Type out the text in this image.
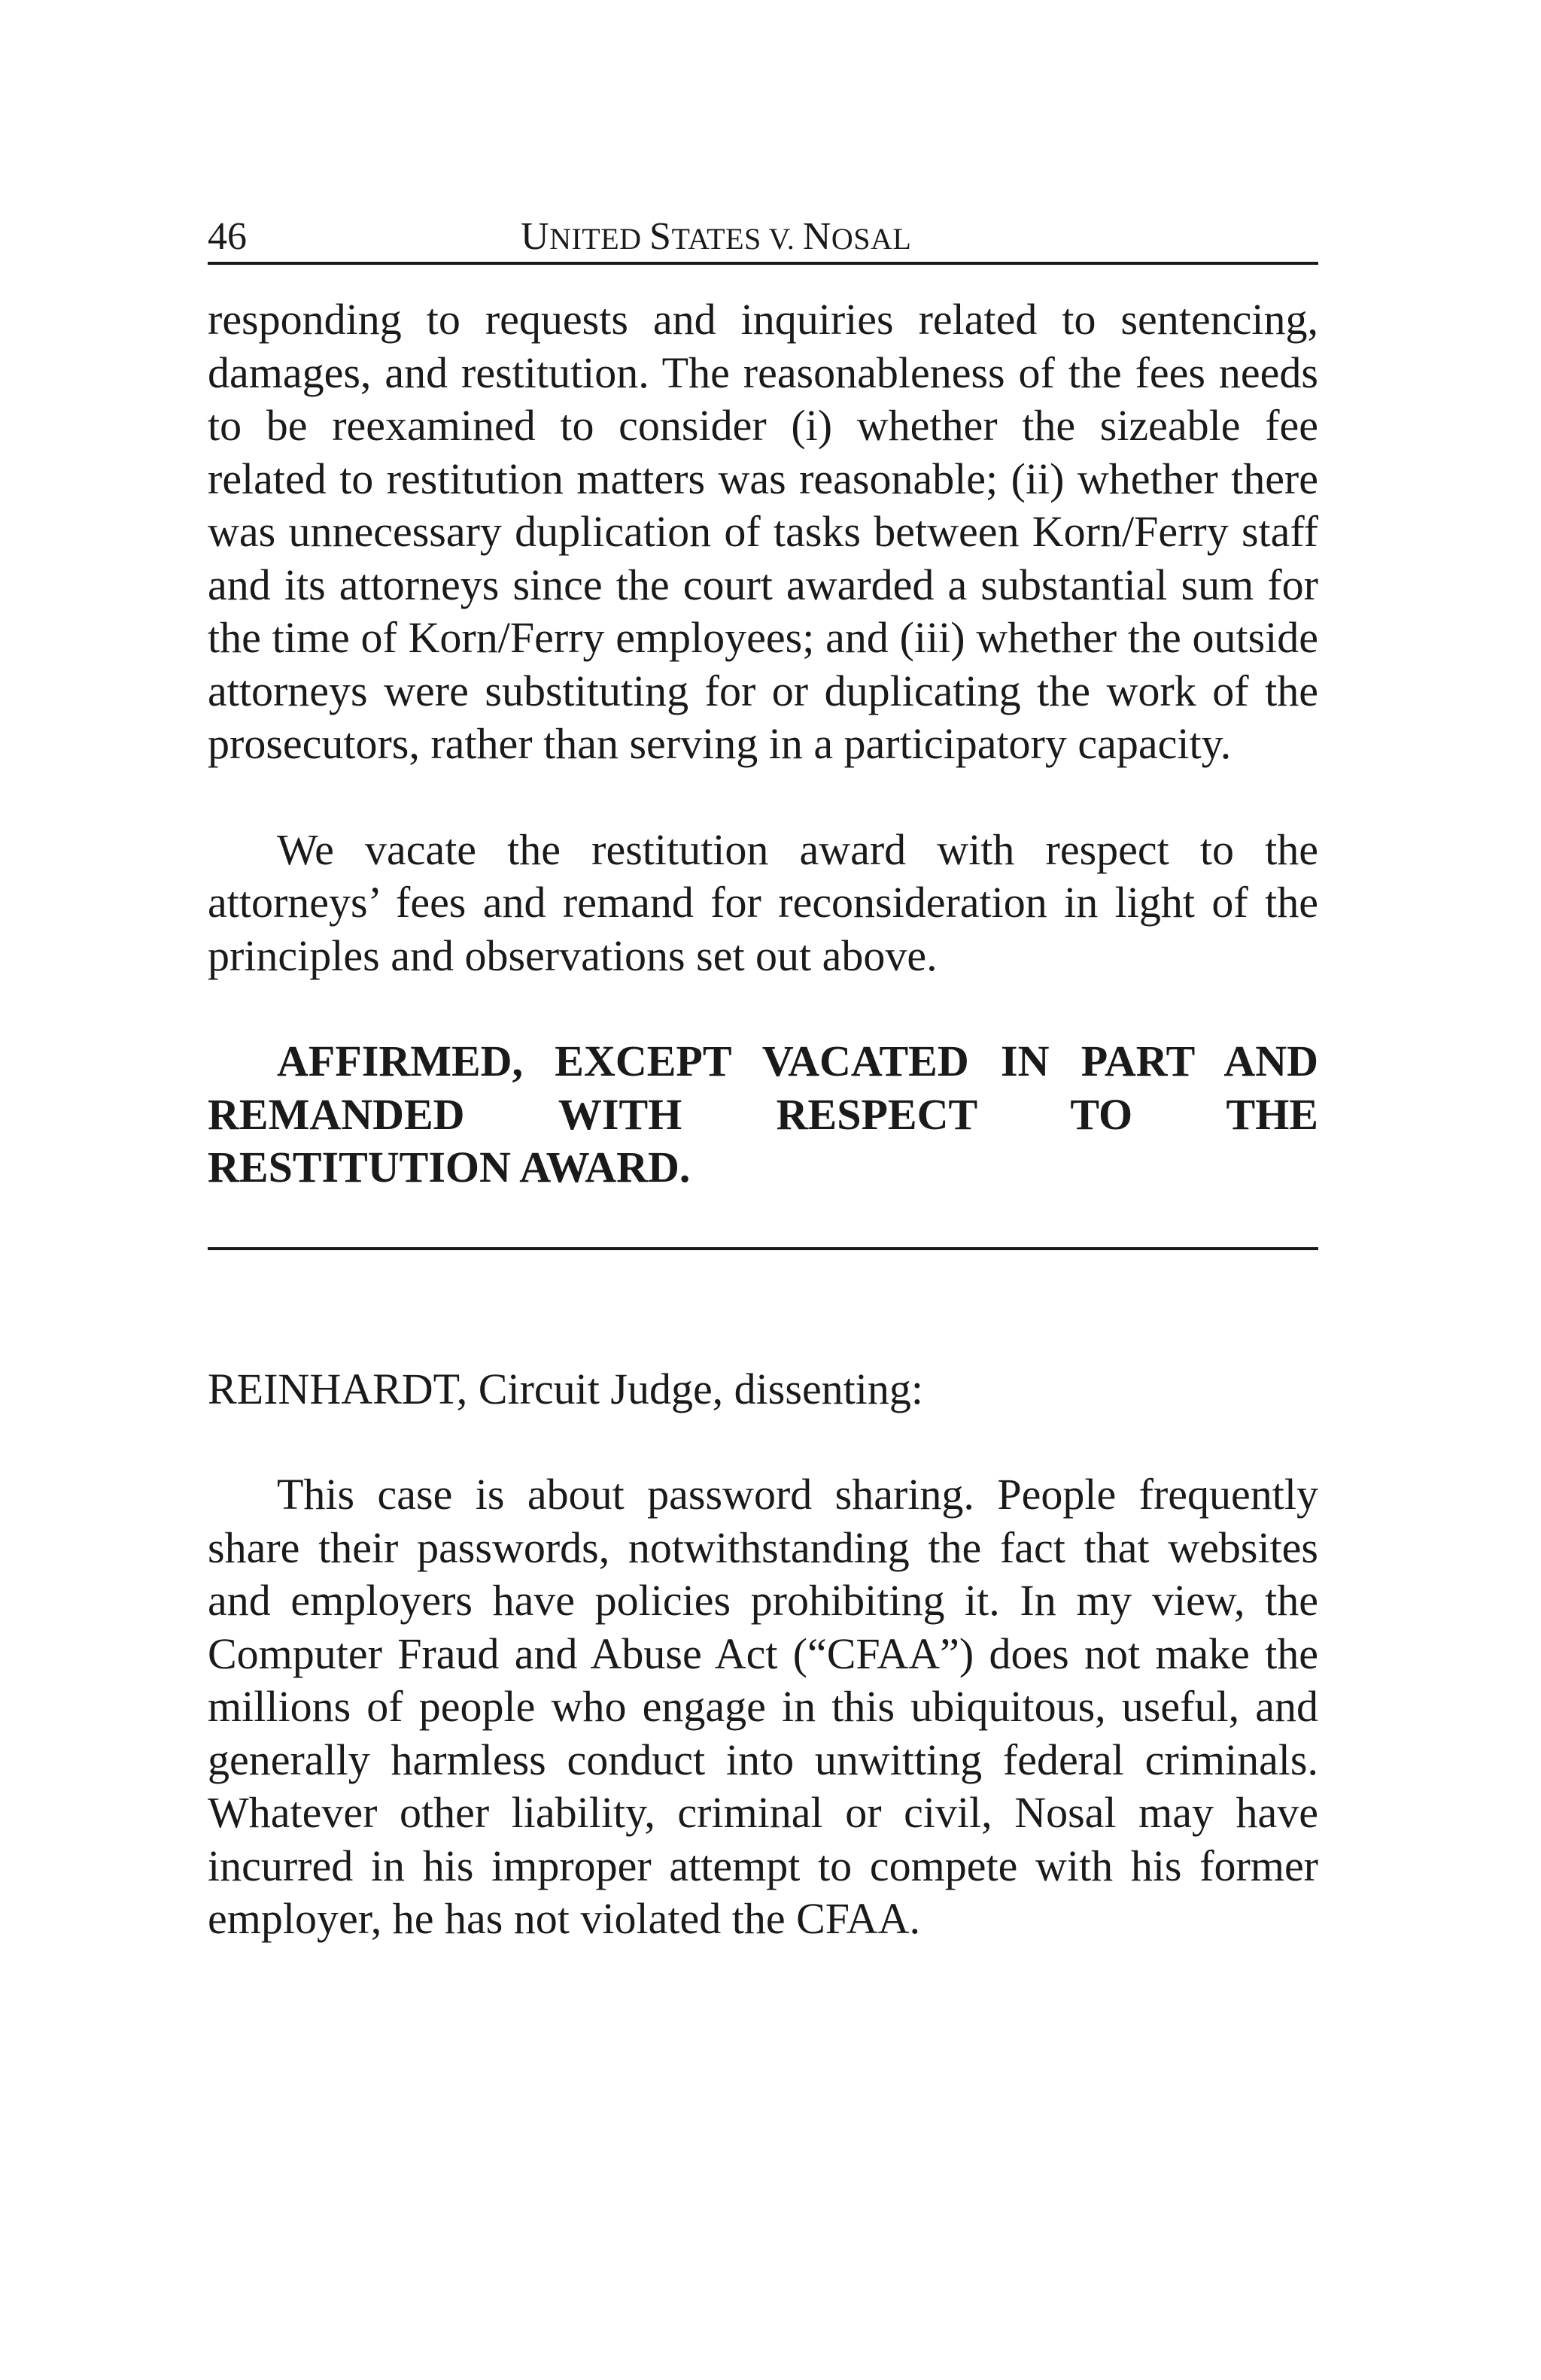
46	UNITED STATES V. NOSAL

responding to requests and inquiries related to sentencing, damages, and restitution. The reasonableness of the fees needs to be reexamined to consider (i) whether the sizeable fee related to restitution matters was reasonable; (ii) whether there was unnecessary duplication of tasks between Korn/Ferry staff and its attorneys since the court awarded a substantial sum for the time of Korn/Ferry employees; and (iii) whether the outside attorneys were substituting for or duplicating the work of the prosecutors, rather than serving in a participatory capacity.

We vacate the restitution award with respect to the attorneys’ fees and remand for reconsideration in light of the principles and observations set out above.

AFFIRMED, EXCEPT VACATED IN PART AND
REMANDED WITH RESPECT TO THE
RESTITUTION AWARD.
REINHARDT, Circuit Judge, dissenting:

This case is about password sharing. People frequently share their passwords, notwithstanding the fact that websites and employers have policies prohibiting it. In my view, the Computer Fraud and Abuse Act (“CFAA”) does not make the millions of people who engage in this ubiquitous, useful, and generally harmless conduct into unwitting federal criminals. Whatever other liability, criminal or civil, Nosal may have incurred in his improper attempt to compete with his former employer, he has not violated the CFAA.
